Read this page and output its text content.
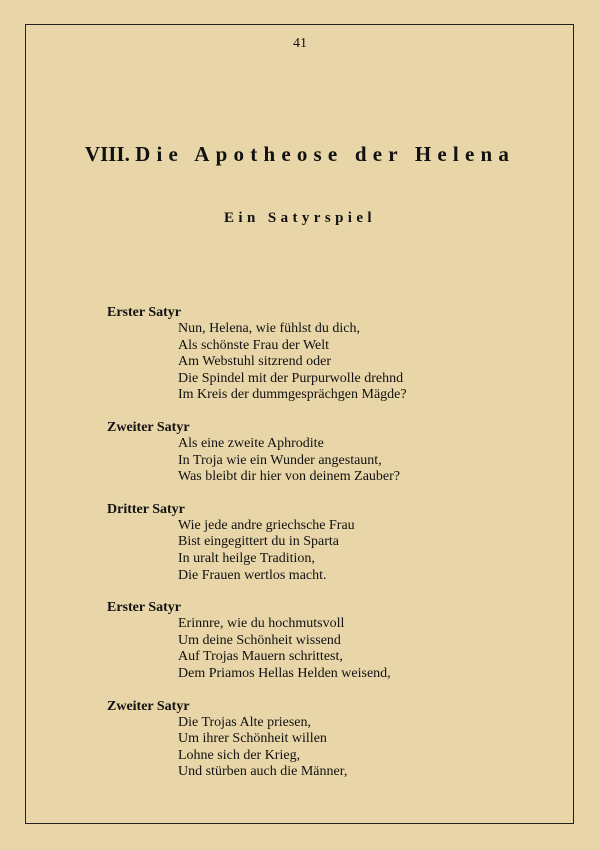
41
VIII. Die Apotheose der Helena
Ein Satyrspiel
Erster Satyr
Nun, Helena, wie fühlst du dich,
Als schönste Frau der Welt
Am Webstuhl sitzrend oder
Die Spindel mit der Purpurwolle drehnd
Im Kreis der dummgesprächgen Mägde?
Zweiter Satyr
Als eine zweite Aphrodite
In Troja wie ein Wunder angestaunt,
Was bleibt dir hier von deinem Zauber?
Dritter Satyr
Wie jede andre griechsche Frau
Bist eingegittert du in Sparta
In uralt heilge Tradition,
Die Frauen wertlos macht.
Erster Satyr
Erinnre, wie du hochmutsvoll
Um deine Schönheit wissend
Auf Trojas Mauern schrittest,
Dem Priamos Hellas Helden weisend,
Zweiter Satyr
Die Trojas Alte priesen,
Um ihrer Schönheit willen
Lohne sich der Krieg,
Und stürben auch die Männer,
